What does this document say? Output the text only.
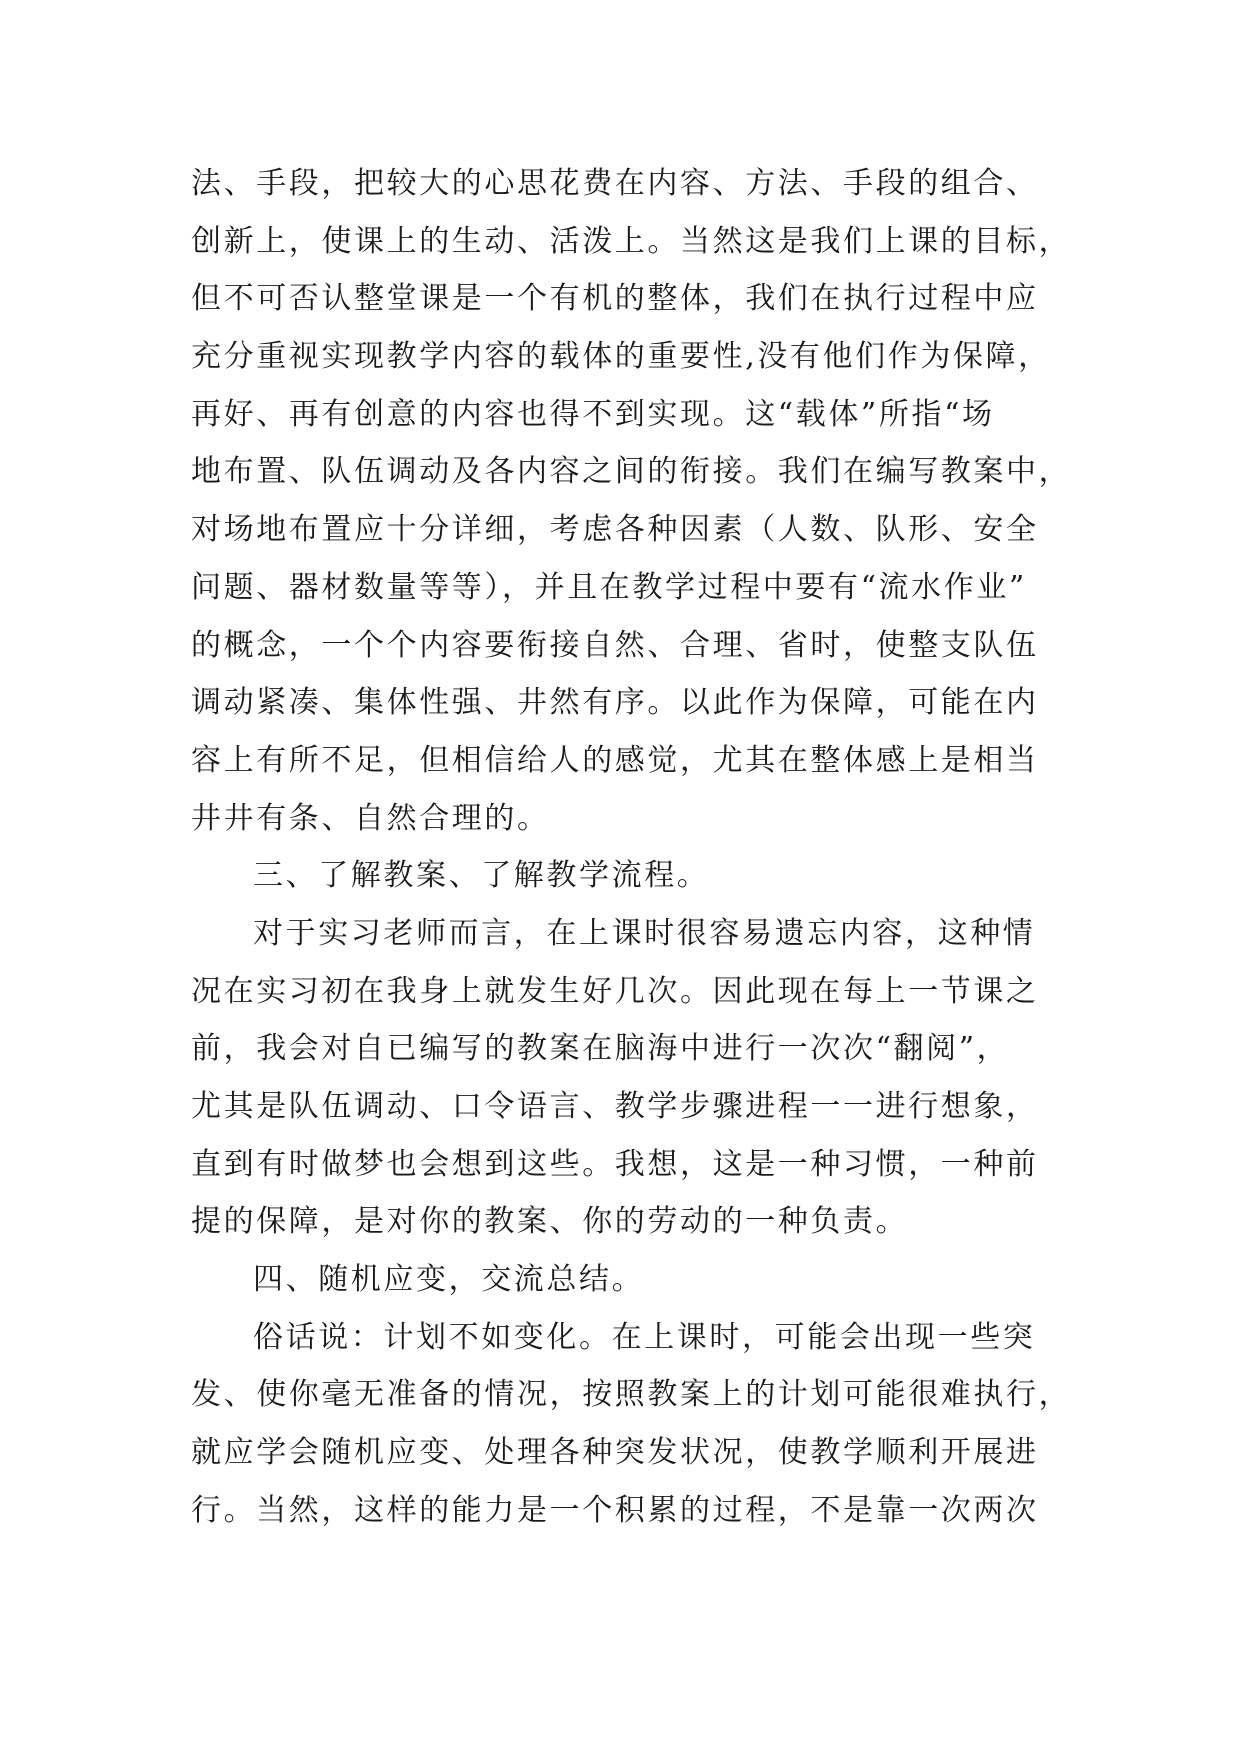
法、手段，把较大的心思花费在内容、方法、手段的组合、
创新上，使课上的生动、活泼上。当然这是我们上课的目标，
但不可否认整堂课是一个有机的整体，我们在执行过程中应
充分重视实现教学内容的载体的重要性,没有他们作为保障，
再好、再有创意的内容也得不到实现。这“载体”所指“场
地布置、队伍调动及各内容之间的衔接。我们在编写教案中，
对场地布置应十分详细，考虑各种因素（人数、队形、安全
问题、器材数量等等），并且在教学过程中要有“流水作业”
的概念，一个个内容要衔接自然、合理、省时，使整支队伍
调动紧凑、集体性强、井然有序。以此作为保障，可能在内
容上有所不足，但相信给人的感觉，尤其在整体感上是相当
井井有条、自然合理的。
三、了解教案、了解教学流程。
对于实习老师而言，在上课时很容易遗忘内容，这种情
况在实习初在我身上就发生好几次。因此现在每上一节课之
前，我会对自已编写的教案在脑海中进行一次次“翻阅”，
尤其是队伍调动、口令语言、教学步骤进程一一进行想象，
直到有时做梦也会想到这些。我想，这是一种习惯，一种前
提的保障，是对你的教案、你的劳动的一种负责。
四、随机应变，交流总结。
俗话说：计划不如变化。在上课时，可能会出现一些突
发、使你毫无准备的情况，按照教案上的计划可能很难执行，
就应学会随机应变、处理各种突发状况，使教学顺利开展进
行。当然，这样的能力是一个积累的过程，不是靠一次两次
